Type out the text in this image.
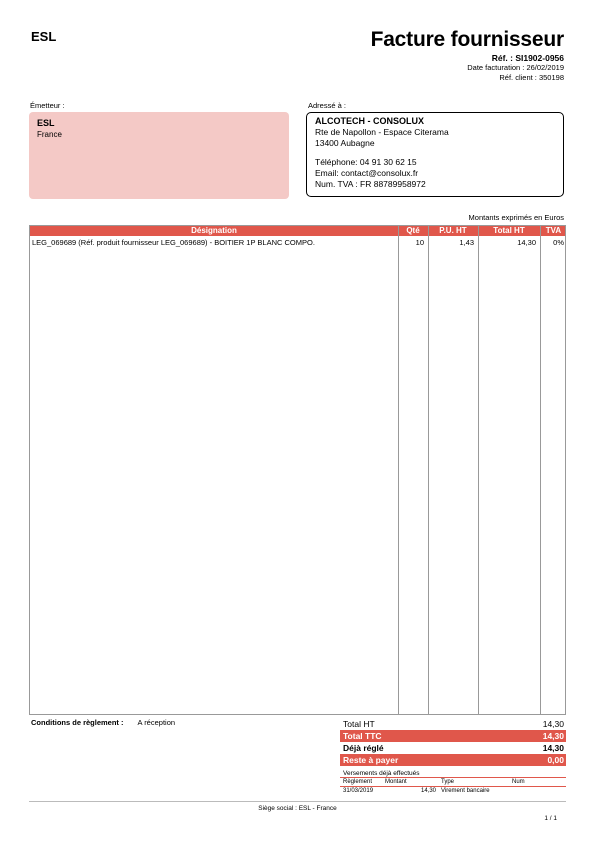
ESL	Facture fournisseur
Réf. : SI1902-0956
Date facturation : 26/02/2019
Réf. client : 350198
Émetteur :
ESL
France
Adressé à :
ALCOTECH - CONSOLUX
Rte de Napollon - Espace Citerama
13400 Aubagne
Téléphone: 04 91 30 62 15
Email: contact@consolux.fr
Num. TVA : FR 88789958972
Montants exprimés en Euros
Désignation	Qté	P.U. HT	Total HT	TVA
LEG_069689 (Réf. produit fournisseur LEG_069689) - BOITIER 1P BLANC COMPO.	10	1,43	14,30	0%
Conditions de règlement : A réception	Total HT	14,30
Total TTC	14,30
Déjà réglé	14,30
Reste à payer	0,00
Versements déjà effectués
Règlement Montant	Type	Num
31/03/2019	14,30 Virement bancaire
Siège social : ESL - France
1 / 1
